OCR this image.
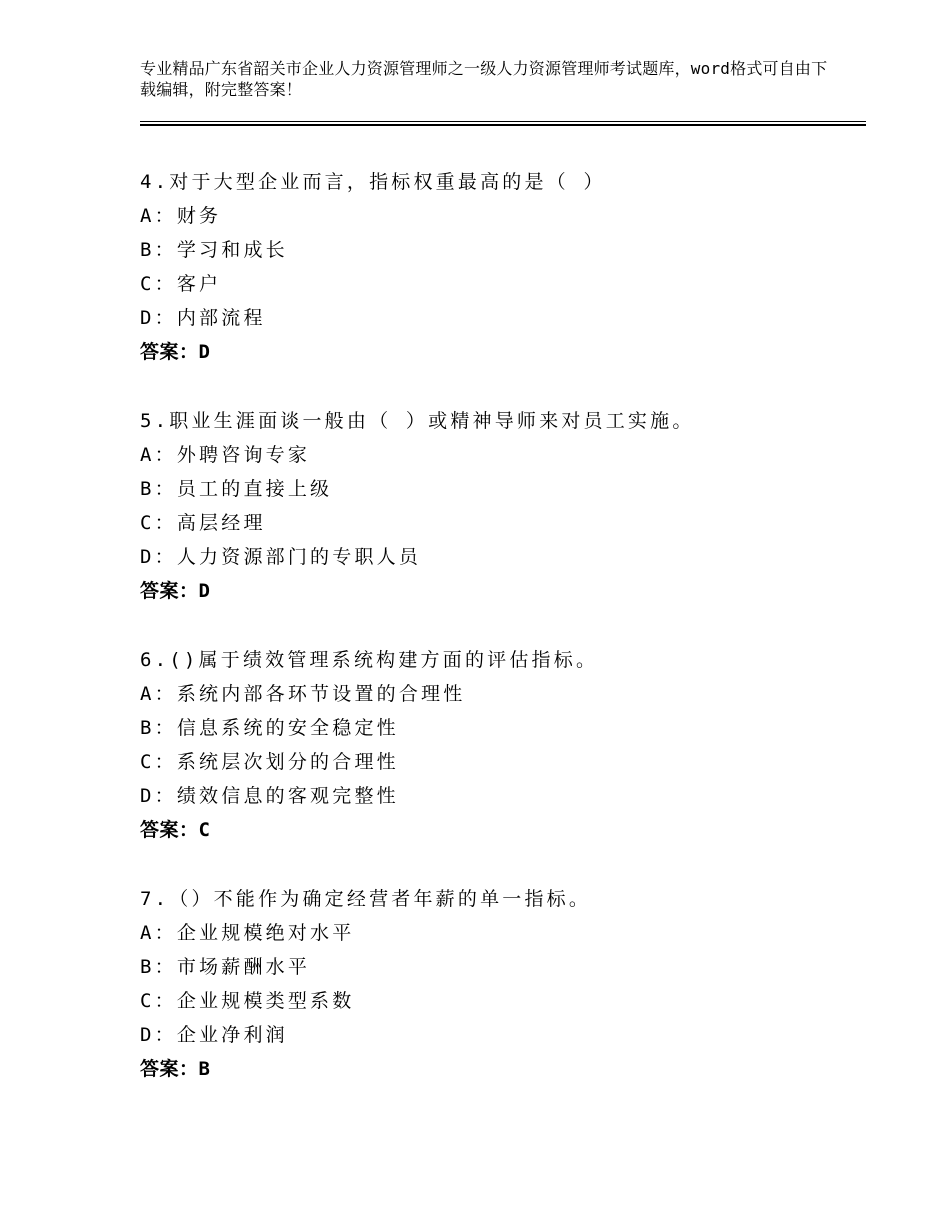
专业精品广东省韶关市企业人力资源管理师之一级人力资源管理师考试题库，word格式可自由下载编辑，附完整答案！
4.对于大型企业而言，指标权重最高的是（ ）
A：财务
B：学习和成长
C：客户
D：内部流程
答案：D
5.职业生涯面谈一般由（ ）或精神导师来对员工实施。
A：外聘咨询专家
B：员工的直接上级
C：高层经理
D：人力资源部门的专职人员
答案：D
6.()属于绩效管理系统构建方面的评估指标。
A：系统内部各环节设置的合理性
B：信息系统的安全稳定性
C：系统层次划分的合理性
D：绩效信息的客观完整性
答案：C
7.（）不能作为确定经营者年薪的单一指标。
A：企业规模绝对水平
B：市场薪酬水平
C：企业规模类型系数
D：企业净利润
答案：B
